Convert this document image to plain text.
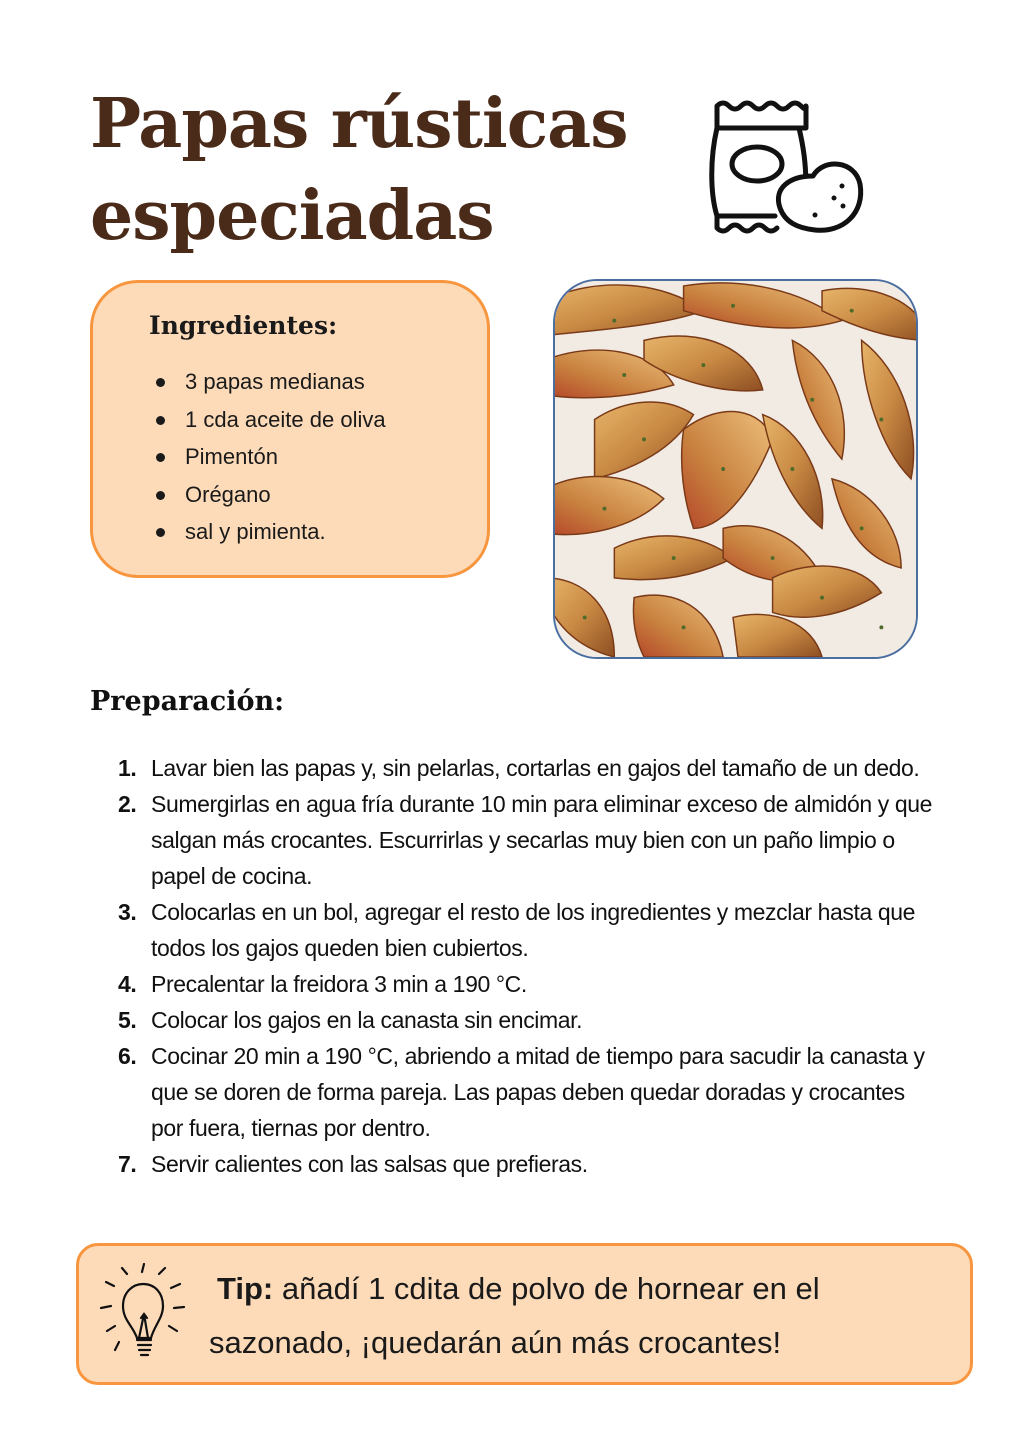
Papas rústicas
especiadas
Ingredientes:
3 papas medianas
1 cda aceite de oliva
Pimentón
Orégano
sal y pimienta.
Preparación:
1. Lavar bien las papas y, sin pelarlas, cortarlas en gajos del tamaño de un dedo.
2. Sumergirlas en agua fría durante 10 min para eliminar exceso de almidón y que salgan más crocantes. Escurrirlas y secarlas muy bien con un paño limpio o papel de cocina.
3. Colocarlas en un bol, agregar el resto de los ingredientes y mezclar hasta que todos los gajos queden bien cubiertos.
4. Precalentar la freidora 3 min a 190 °C.
5. Colocar los gajos en la canasta sin encimar.
6. Cocinar 20 min a 190 °C, abriendo a mitad de tiempo para sacudir la canasta y que se doren de forma pareja. Las papas deben quedar doradas y crocantes por fuera, tiernas por dentro.
7. Servir calientes con las salsas que prefieras.

Tip: añadí 1 cdita de polvo de hornear en el sazonado, ¡quedarán aún más crocantes!
